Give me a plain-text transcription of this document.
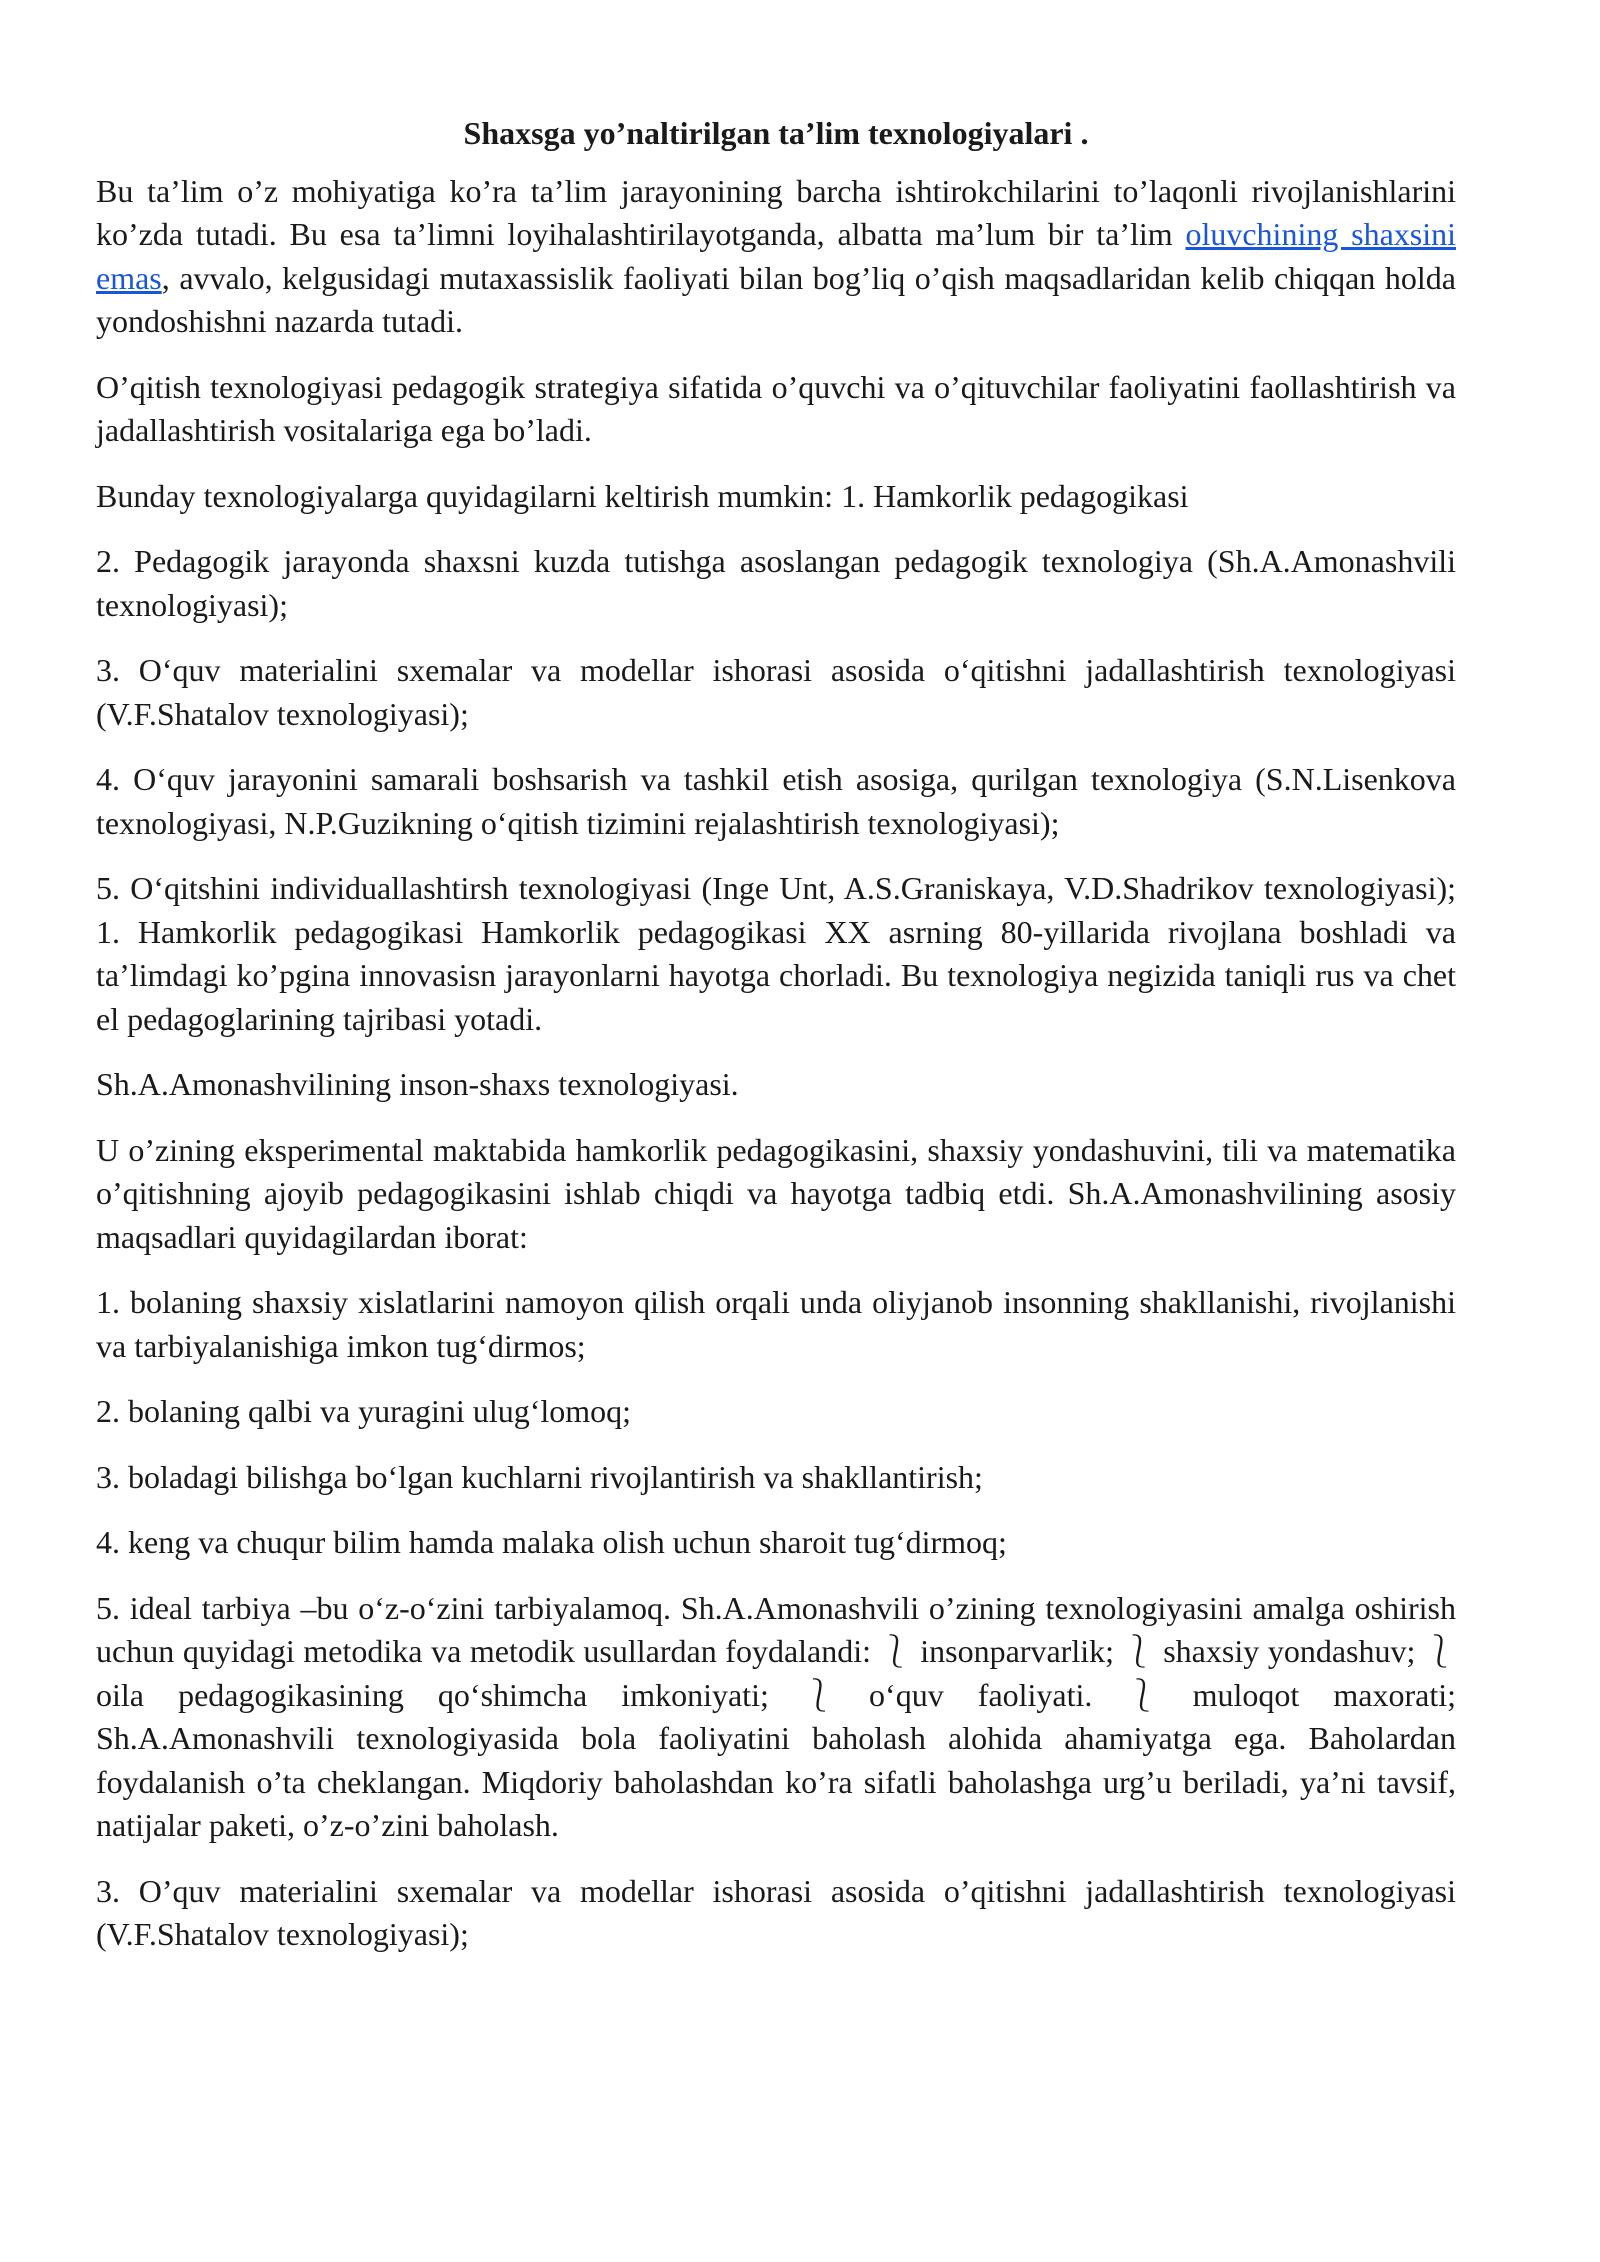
Shaxsga yo’naltirilgan ta’lim texnologiyalari .

Bu ta’lim o’z mohiyatiga ko’ra ta’lim jarayonining barcha ishtirokchilarini to’laqonli rivojlanishlarini ko’zda tutadi. Bu esa ta’limni loyihalashtirilayotganda, albatta ma’lum bir ta’lim oluvchining shaxsini emas, avvalo, kelgusidagi mutaxassislik faoliyati bilan bog’liq o’qish maqsadlaridan kelib chiqqan holda yondoshishni nazarda tutadi.

O’qitish texnologiyasi pedagogik strategiya sifatida o’quvchi va o’qituvchilar faoliyatini faollashtirish va jadallashtirish vositalariga ega bo’ladi.

Bunday texnologiyalarga quyidagilarni keltirish mumkin: 1. Hamkorlik pedagogikasi

2. Pedagogik jarayonda shaxsni kuzda tutishga asoslangan pedagogik texnologiya (Sh.A.Amonashvili texnologiyasi);

3. O‘quv materialini sxemalar va modellar ishorasi asosida o‘qitishni jadallashtirish texnologiyasi (V.F.Shatalov texnologiyasi);

4. O‘quv jarayonini samarali boshsarish va tashkil etish asosiga, qurilgan texnologiya (S.N.Lisenkova texnologiyasi, N.P.Guzikning o‘qitish tizimini rejalashtirish texnologiyasi);

5. O‘qitshini individuallashtirsh texnologiyasi (Inge Unt, A.S.Graniskaya, V.D.Shadrikov texnologiyasi); 1. Hamkorlik pedagogikasi Hamkorlik pedagogikasi XX asrning 80-yillarida rivojlana boshladi va ta’limdagi ko’pgina innovasisn jarayonlarni hayotga chorladi. Bu texnologiya negizida taniqli rus va chet el pedagoglarining tajribasi yotadi.

Sh.A.Amonashvilining inson-shaxs texnologiyasi.

U o’zining eksperimental maktabida hamkorlik pedagogikasini, shaxsiy yondashuvini, tili va matematika o’qitishning ajoyib pedagogikasini ishlab chiqdi va hayotga tadbiq etdi. Sh.A.Amonashvilining asosiy maqsadlari quyidagilardan iborat:

1. bolaning shaxsiy xislatlarini namoyon qilish orqali unda oliyjanob insonning shakllanishi, rivojlanishi va tarbiyalanishiga imkon tug‘dirmos;

2. bolaning qalbi va yuragini ulug‘lomoq;

3. boladagi bilishga bo‘lgan kuchlarni rivojlantirish va shakllantirish;

4. keng va chuqur bilim hamda malaka olish uchun sharoit tug‘dirmoq;

5. ideal tarbiya –bu o‘z-o‘zini tarbiyalamoq. Sh.A.Amonashvili o’zining texnologiyasini amalga oshirish uchun quyidagi metodika va metodik usullardan foydalandi: ⎱ insonparvarlik; ⎱ shaxsiy yondashuv; ⎱ oila pedagogikasining qo‘shimcha imkoniyati; ⎱ o‘quv faoliyati. ⎱ muloqot maxorati; Sh.A.Amonashvili texnologiyasida bola faoliyatini baholash alohida ahamiyatga ega. Baholardan foydalanish o’ta cheklangan. Miqdoriy baholashdan ko’ra sifatli baholashga urg’u beriladi, ya’ni tavsif, natijalar paketi, o’z-o’zini baholash.

3. O’quv materialini sxemalar va modellar ishorasi asosida o’qitishni jadallashtirish texnologiyasi (V.F.Shatalov texnologiyasi);
